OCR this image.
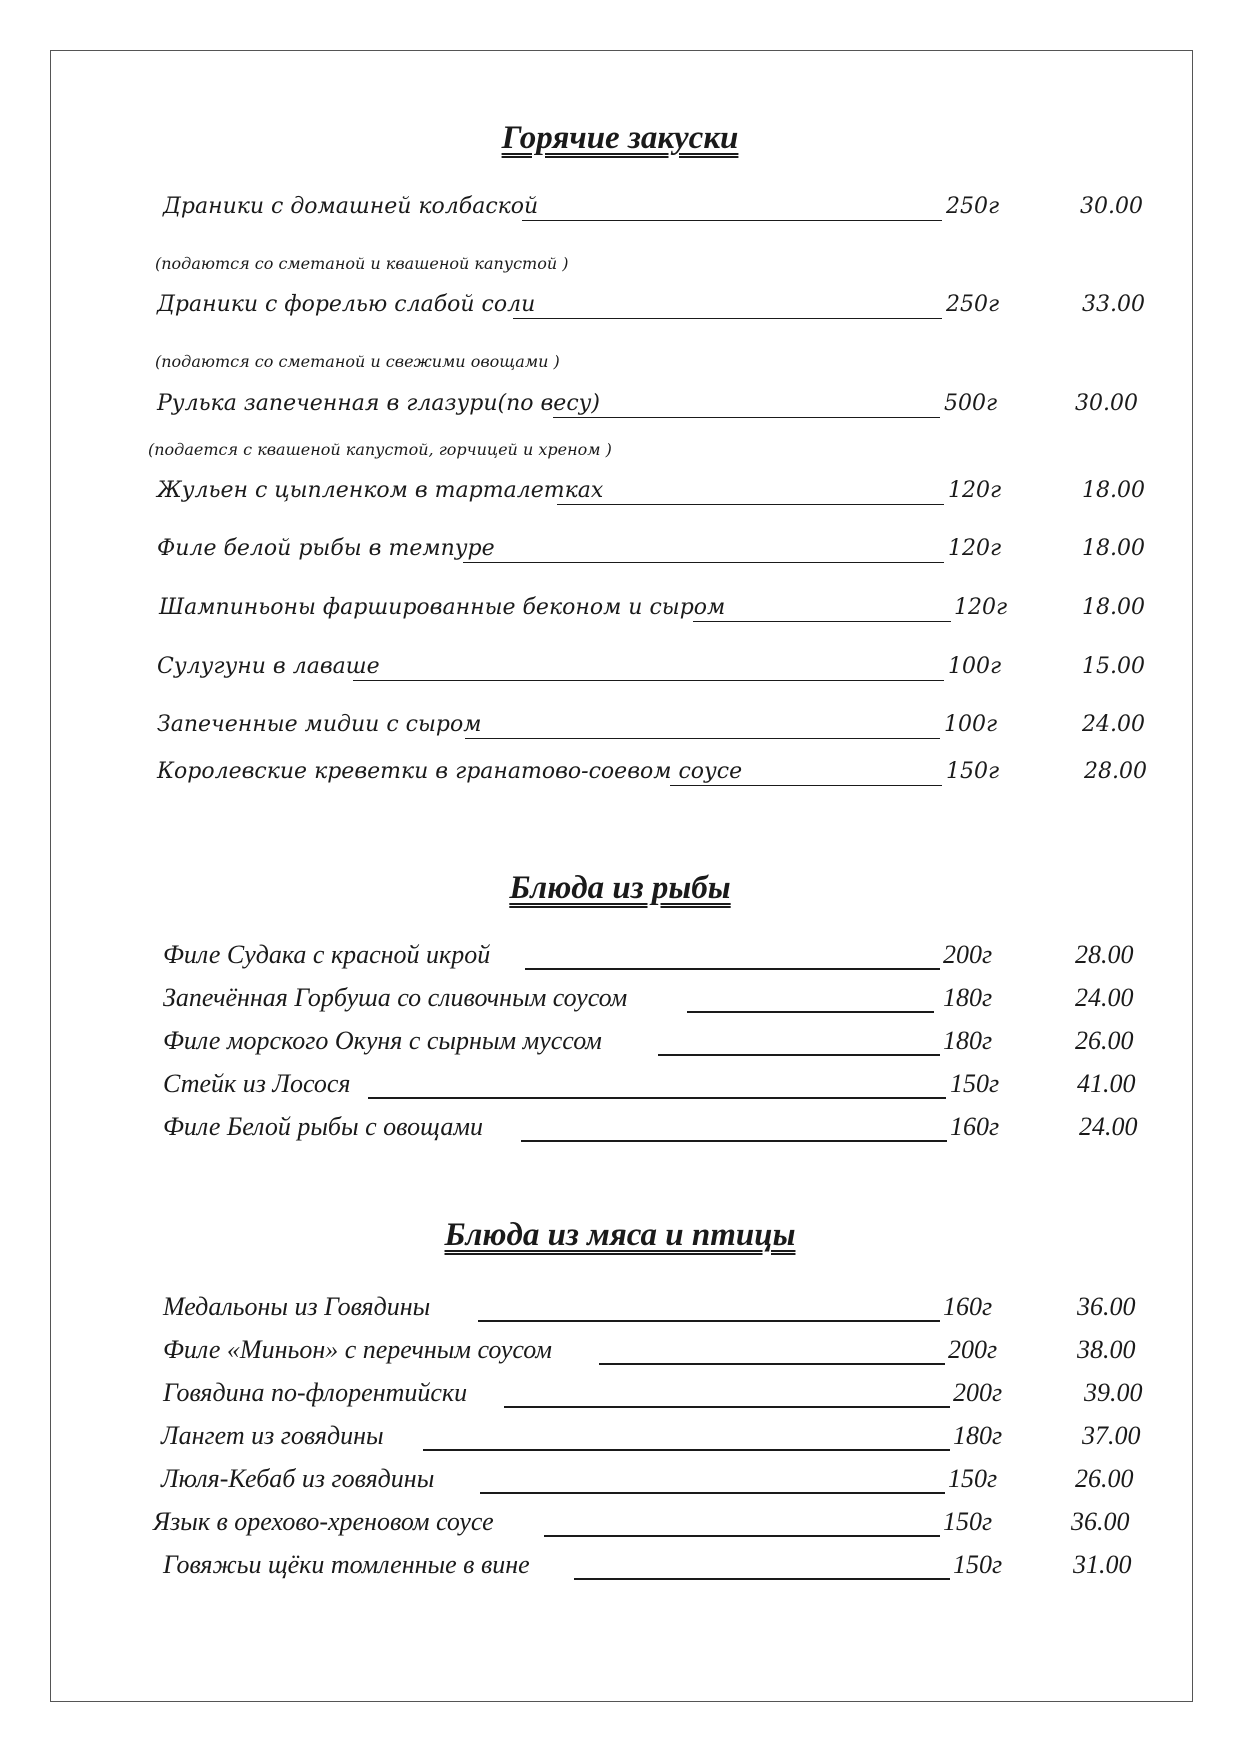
Горячие закуски
Драники с домашней колбаской	250г	30.00
(подаются со сметаной и квашеной капустой )
Драники с форелью слабой соли	250г	33.00
(подаются со сметаной и свежими овощами )
Рулька запеченная в глазури(по весу)	500г	30.00
(подается с квашеной капустой, горчицей и хреном )
Жульен с цыпленком в тарталетках	120г	18.00
Филе белой рыбы в темпуре	120г	18.00
Шампиньоны фаршированные беконом и сыром	120г	18.00
Сулугуни в лаваше	100г	15.00
Запеченные мидии с сыром	100г	24.00
Королевские креветки в гранатово-соевом соусе	150г	28.00
Блюда из рыбы
Филе Судака с красной икрой	200г	28.00
Запечённая Горбуша со сливочным соусом	180г	24.00
Филе морского Окуня с сырным муссом	180г	26.00
Стейк из Лосося	150г	41.00
Филе Белой рыбы с овощами	160г	24.00
Блюда из мяса и птицы
Медальоны из Говядины	160г	36.00
Филе «Миньон» с перечным соусом	200г	38.00
Говядина по-флорентийски	200г	39.00
Лангет из говядины	180г	37.00
Люля-Кебаб из говядины	150г	26.00
Язык в орехово-хреновом соусе	150г	36.00
Говяжьи щёки томленные в вине	150г	31.00
